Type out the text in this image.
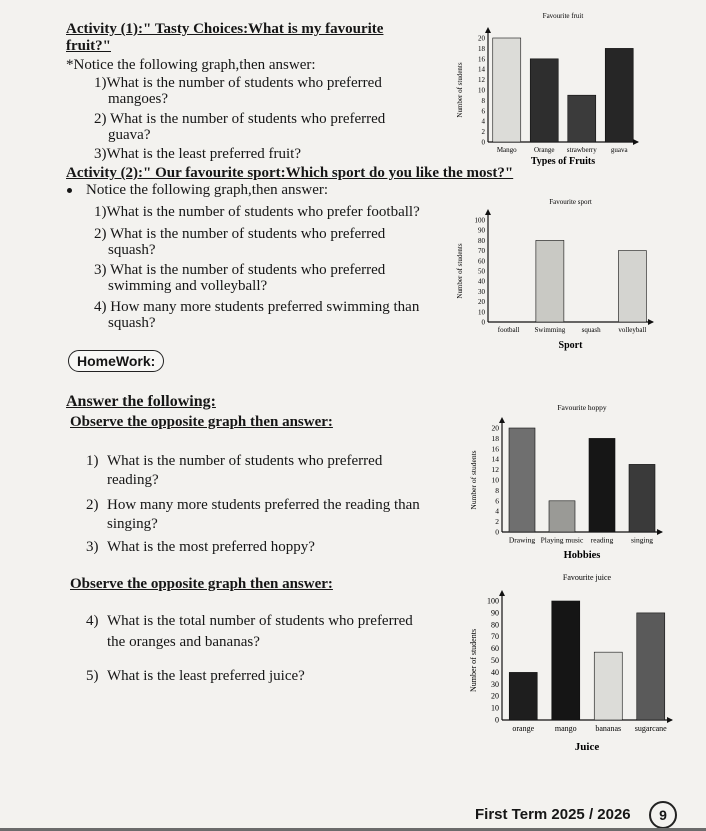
Activity (1):" Tasty Choices:What is my favourite
fruit?"
*Notice the following graph,then answer:
1)What is the number of students who preferred
mangoes?
2) What is the number of students who preferred
guava?
3)What is the least preferred fruit?
Activity (2):" Our favourite sport:Which sport do you like the most?"
Notice the following graph,then answer:
1)What is the number of students who prefer football?
2) What is the number of students who preferred
squash?
3) What is the number of students who preferred
swimming and volleyball?
4) How many more students preferred swimming than
squash?
HomeWork:
Answer the following:
Observe the opposite graph then answer:
1) What is the number of students who preferred
reading?
2) How many more students preferred the reading than
singing?
3) What is the most preferred hoppy?
Observe the opposite graph then answer:
4) What is the total number of students who preferred
the oranges and bananas?
5) What is the least preferred juice?
Favourite fruit
0
2
4
6
8
10
12
14
16
18
20
Number of students
Mango Orange strawberry guava
Types of Fruits
Favourite sport
0
10
20
30
40
50
60
70
80
90
100
Number of students
football Swimming squash	volleyball
Sport
Favourite hoppy
0
2
4
6
8
10
12
14
16
18
20
Number of students
Drawing Playing music reading singing
Hobbies
Favourite juice
0
10
20
30
40
50
60
70
80
90
100
Number of students
orange	mango bananas sugarcane
Juice
First Term 2025 / 2026	9
